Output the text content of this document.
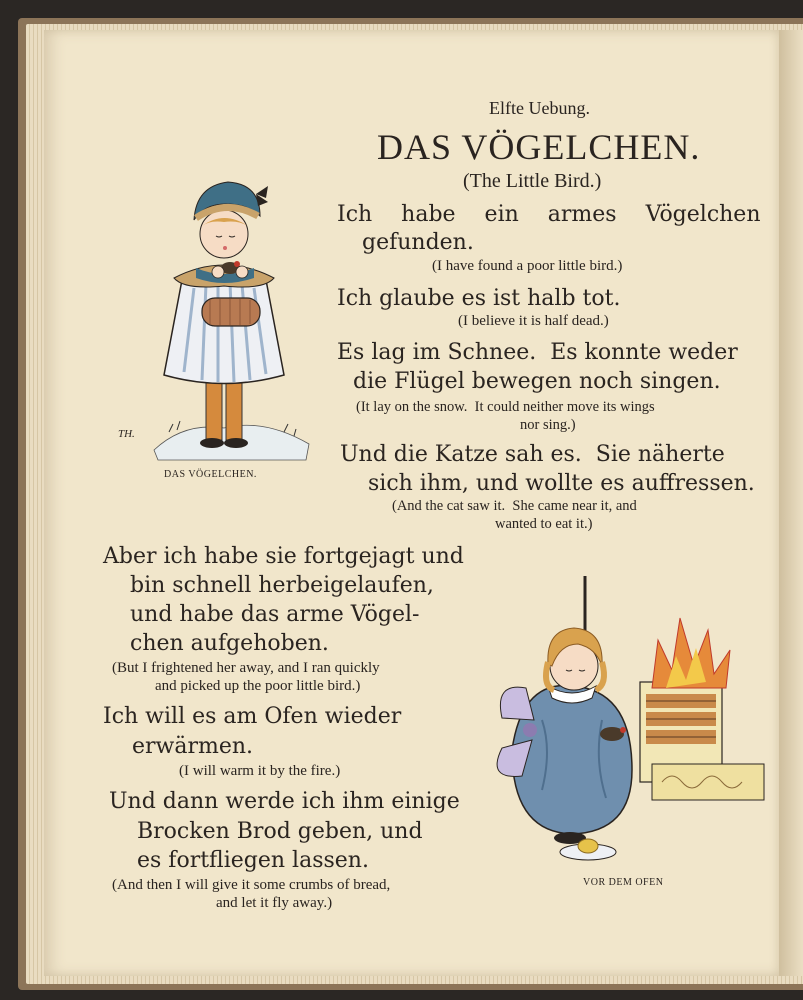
Elfte Uebung.
DAS VÖGELCHEN.
(The Little Bird.)
Ich habe ein armes Vögelchen
gefunden.
(I have found a poor little bird.)
Ich glaube es ist halb tot.
(I believe it is half dead.)
Es lag im Schnee.  Es konnte weder
die Flügel bewegen noch singen.
(It lay on the snow.  It could neither move its wings
nor sing.)
Und die Katze sah es.  Sie näherte
sich ihm, und wollte es auffressen.
(And the cat saw it.  She came near it, and
wanted to eat it.)
Aber ich habe sie fortgejagt und
bin schnell herbeigelaufen,
und habe das arme Vögel-
chen aufgehoben.
(But I frightened her away, and I ran quickly
and picked up the poor little bird.)
Ich will es am Ofen wieder
erwärmen.
(I will warm it by the fire.)
Und dann werde ich ihm einige
Brocken Brod geben, und
es fortfliegen lassen.
(And then I will give it some crumbs of bread,
and let it fly away.)
TH.
DAS VÖGELCHEN.
VOR DEM OFEN
